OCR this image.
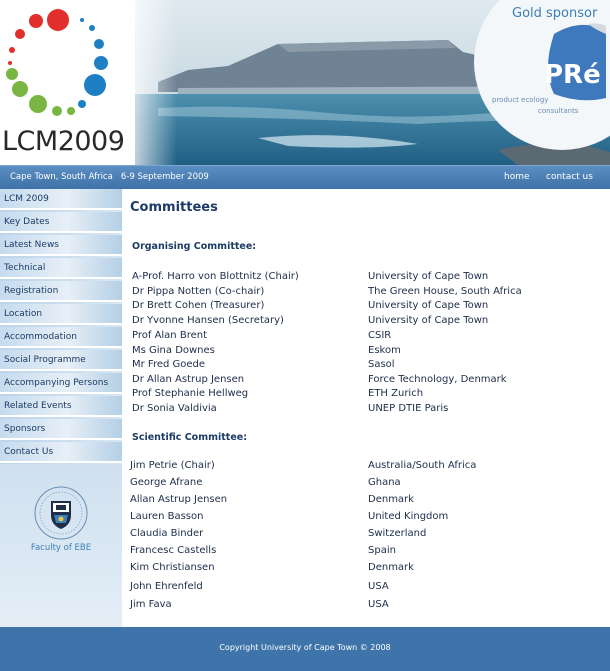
LCM2009
Gold sponsor
PRé
product ecology
consultants
Cape Town, South Africa   6-9 September 2009	home contact us
LCM 2009
Key Dates
Latest News
Technical
Registration
Location
Accommodation
Social Programme
Accompanying Persons
Related Events
Sponsors
Contact Us
Faculty of EBE
Committees
Organising Committee:
A-Prof. Harro von Blottnitz (Chair)	University of Cape Town
Dr Pippa Notten (Co-chair)	The Green House, South Africa
Dr Brett Cohen (Treasurer)	University of Cape Town
Dr Yvonne Hansen (Secretary)	University of Cape Town
Prof Alan Brent	CSIR
Ms Gina Downes	Eskom
Mr Fred Goede	Sasol
Dr Allan Astrup Jensen	Force Technology, Denmark
Prof Stephanie Hellweg	ETH Zurich
Dr Sonia Valdivia	UNEP DTIE Paris
Scientific Committee:
Jim Petrie (Chair)	Australia/South Africa
George Afrane	Ghana
Allan Astrup Jensen	Denmark
Lauren Basson	United Kingdom
Claudia Binder	Switzerland
Francesc Castells	Spain
Kim Christiansen	Denmark
John Ehrenfeld	USA
Jim Fava	USA
Copyright University of Cape Town © 2008
